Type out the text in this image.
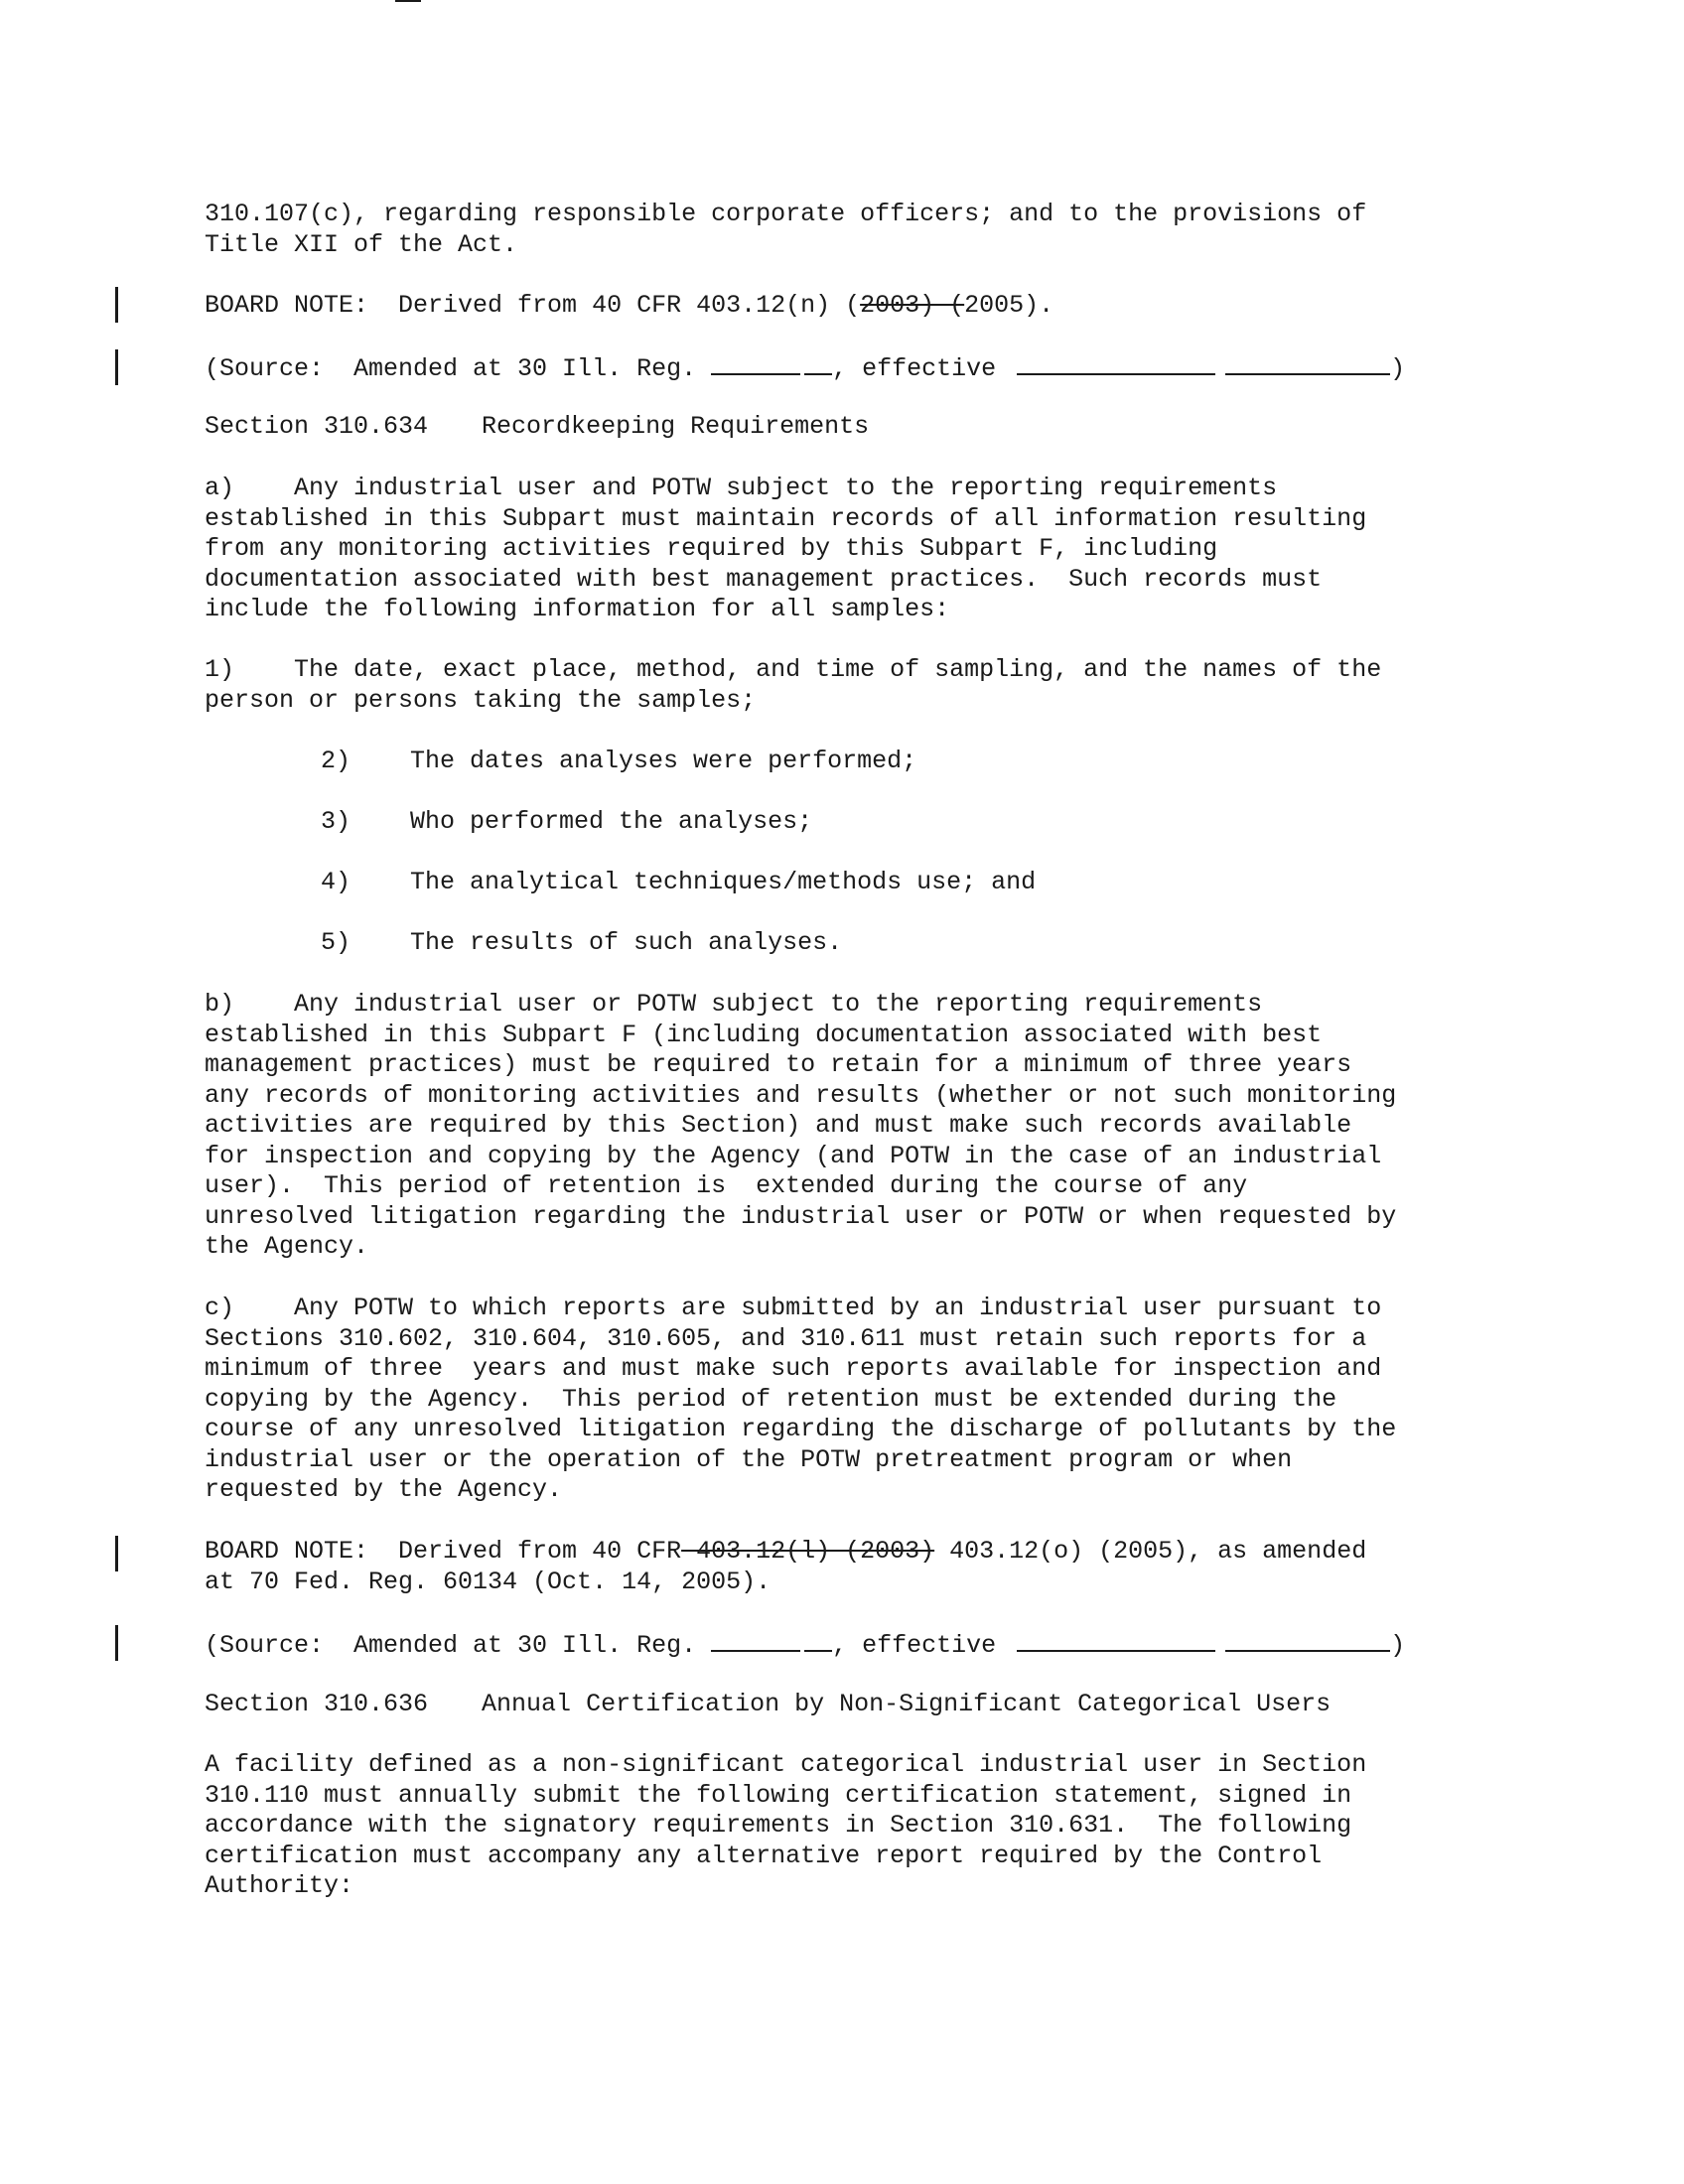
310.107(c), regarding responsible corporate officers; and to the provisions of
Title XII of the Act.

BOARD NOTE:  Derived from 40 CFR 403.12(n) (2003) (2005).

(Source:  Amended at 30 Ill. Reg.	, effective	)

Section 310.634 Recordkeeping Requirements

a)    Any industrial user and POTW subject to the reporting requirements
established in this Subpart must maintain records of all information resulting
from any monitoring activities required by this Subpart F, including
documentation associated with best management practices.  Such records must
include the following information for all samples:

1)    The date, exact place, method, and time of sampling, and the names of the
person or persons taking the samples;

2)    The dates analyses were performed;

3)    Who performed the analyses;

4)    The analytical techniques/methods use; and

5)    The results of such analyses.

b)    Any industrial user or POTW subject to the reporting requirements
established in this Subpart F (including documentation associated with best
management practices) must be required to retain for a minimum of three years
any records of monitoring activities and results (whether or not such monitoring
activities are required by this Section) and must make such records available
for inspection and copying by the Agency (and POTW in the case of an industrial
user).  This period of retention is  extended during the course of any
unresolved litigation regarding the industrial user or POTW or when requested by
the Agency.

c)    Any POTW to which reports are submitted by an industrial user pursuant to
Sections 310.602, 310.604, 310.605, and 310.611 must retain such reports for a
minimum of three  years and must make such reports available for inspection and
copying by the Agency.  This period of retention must be extended during the
course of any unresolved litigation regarding the discharge of pollutants by the
industrial user or the operation of the POTW pretreatment program or when
requested by the Agency.

BOARD NOTE:  Derived from 40 CFR 403.12(l) (2003) 403.12(o) (2005), as amended
at 70 Fed. Reg. 60134 (Oct. 14, 2005).

(Source:  Amended at 30 Ill. Reg.	, effective	)

Section 310.636 Annual Certification by Non-Significant Categorical Users

A facility defined as a non-significant categorical industrial user in Section
310.110 must annually submit the following certification statement, signed in
accordance with the signatory requirements in Section 310.631.  The following
certification must accompany any alternative report required by the Control
Authority:
